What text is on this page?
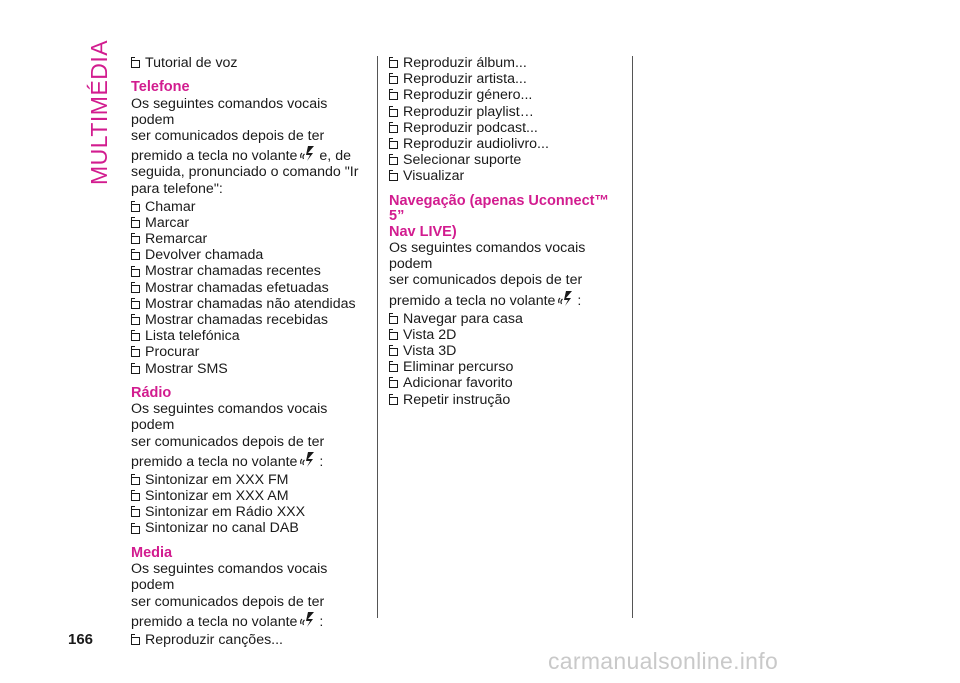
MULTIMÉDIA Tutorial de voz
Telefone
Os seguintes comandos vocais podem
ser comunicados depois de ter
premido a tecla no volante e, de
seguida, pronunciado o comando "Ir
para telefone":
Chamar
Marcar
Remarcar
Devolver chamada
Mostrar chamadas recentes
Mostrar chamadas efetuadas
Mostrar chamadas não atendidas
Mostrar chamadas recebidas
Lista telefónica
Procurar
Mostrar SMS
Rádio
Os seguintes comandos vocais podem
ser comunicados depois de ter
premido a tecla no volante :
Sintonizar em XXX FM
Sintonizar em XXX AM
Sintonizar em Rádio XXX
Sintonizar no canal DAB
Media
Os seguintes comandos vocais podem
ser comunicados depois de ter
premido a tecla no volante :
Reproduzir canções...
Reproduzir álbum...
Reproduzir artista...
Reproduzir género...
Reproduzir playlist…
Reproduzir podcast...
Reproduzir audiolivro...
Selecionar suporte
Visualizar
Navegação (apenas Uconnect™ 5”
Nav LIVE)
Os seguintes comandos vocais podem
ser comunicados depois de ter
premido a tecla no volante :
Navegar para casa
Vista 2D
Vista 3D
Eliminar percurso
Adicionar favorito
Repetir instrução
166
carmanualsonline.info
